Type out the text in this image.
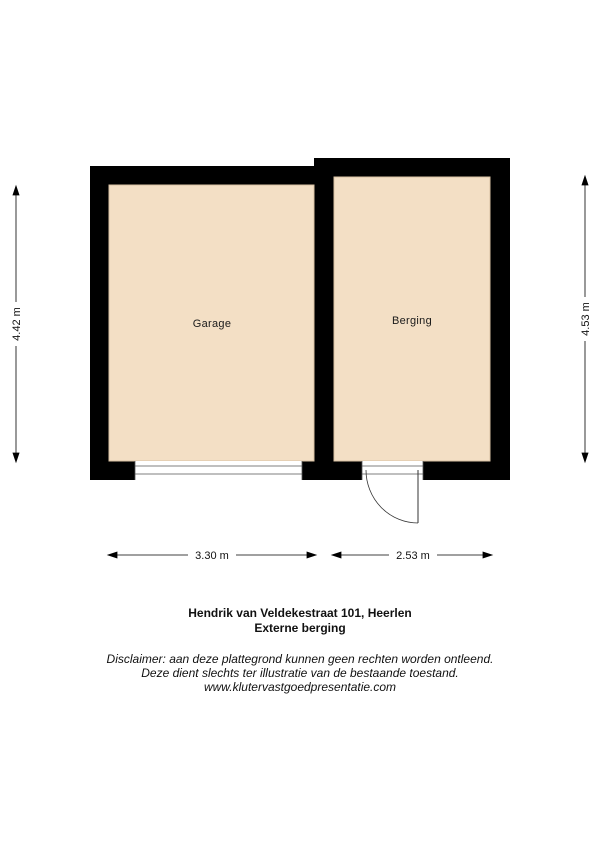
Garage	Berging
4.42 m	4.53 m
3.30 m	2.53 m
Hendrik van Veldekestraat 101, Heerlen
Externe berging
Disclaimer: aan deze plattegrond kunnen geen rechten worden ontleend.
Deze dient slechts ter illustratie van de bestaande toestand.
www.klutervastgoedpresentatie.com
